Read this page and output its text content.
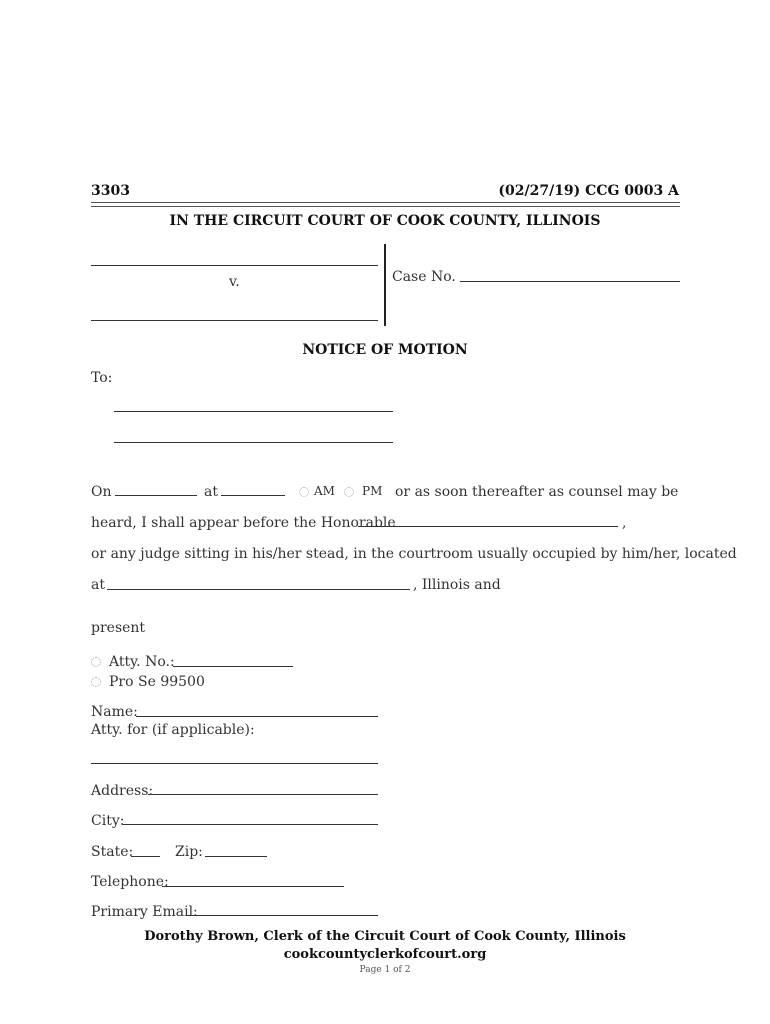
3303	(02/27/19) CCG 0003 A
IN THE CIRCUIT COURT OF COOK COUNTY, ILLINOIS
v.	Case No.
NOTICE OF MOTION
To:
On	at	AM PM or as soon thereafter as counsel may be
heard, I shall appear before the Honorable	,
or any judge sitting in his/her stead, in the courtroom usually occupied by him/her, located
at	, Illinois and
present
Atty. No.:
Pro Se 99500
Name:
Atty. for (if applicable):
Address:
City:
State:	Zip:
Telephone:
Primary Email:
Dorothy Brown, Clerk of the Circuit Court of Cook County, Illinois
cookcountyclerkofcourt.org
Page 1 of 2
